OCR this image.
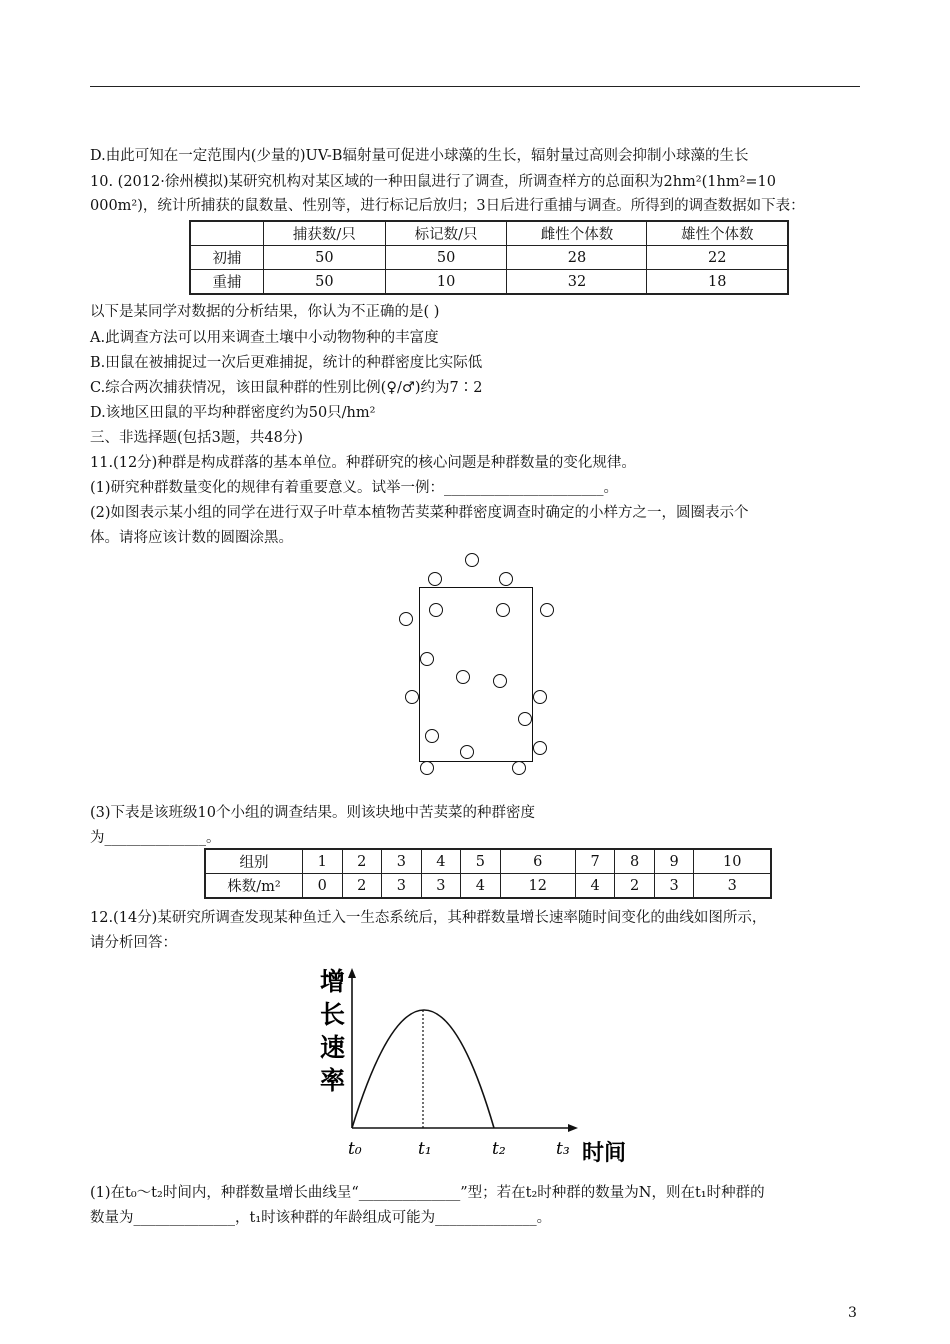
D.由此可知在一定范围内(少量的)UV-B辐射量可促进小球藻的生长，辐射量过高则会抑制小球藻的生长
10. (2012·徐州模拟)某研究机构对某区域的一种田鼠进行了调查，所调查样方的总面积为2hm²(1hm²=10
000m²)，统计所捕获的鼠数量、性别等，进行标记后放归；3日后进行重捕与调查。所得到的调查数据如下表：
	捕获数/只	标记数/只	雌性个体数	雄性个体数
初捕	50	50	28	22
重捕	50	10	32	18
以下是某同学对数据的分析结果，你认为不正确的是( )
A.此调查方法可以用来调查土壤中小动物物种的丰富度
B.田鼠在被捕捉过一次后更难捕捉，统计的种群密度比实际低
C.综合两次捕获情况，该田鼠种群的性别比例(♀/♂)约为7∶2
D.该地区田鼠的平均种群密度约为50只/hm²
三、非选择题(包括3题，共48分)
11.(12分)种群是构成群落的基本单位。种群研究的核心问题是种群数量的变化规律。
(1)研究种群数量变化的规律有着重要意义。试举一例：______________________。
(2)如图表示某小组的同学在进行双子叶草本植物苦荬菜种群密度调查时确定的小样方之一，圆圈表示个
体。请将应该计数的圆圈涂黑。
(3)下表是该班级10个小组的调查结果。则该块地中苦荬菜的种群密度
为______________。
组别	1	2	3	4	5	6	7	8	9	10
株数/m²	0	2	3	3	4	12	4	2	3	3
12.(14分)某研究所调查发现某种鱼迁入一生态系统后，其种群数量增长速率随时间变化的曲线如图所示，
请分析回答：
增
长
速
率
t₀	t₁	t₂	t₃ 时间
(1)在t₀～t₂时间内，种群数量增长曲线呈“______________”型；若在t₂时种群的数量为N，则在t₁时种群的
数量为______________，t₁时该种群的年龄组成可能为______________。
3
